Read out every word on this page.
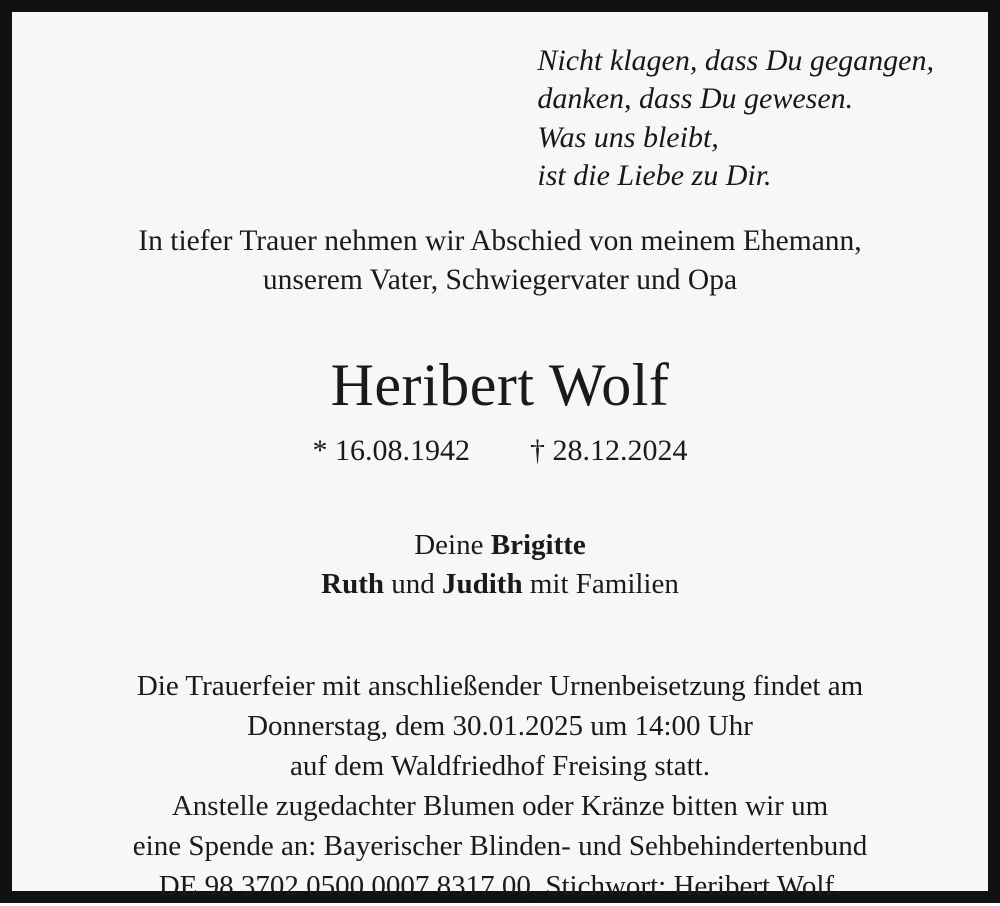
Nicht klagen, dass Du gegangen,
danken, dass Du gewesen.
Was uns bleibt,
ist die Liebe zu Dir.
In tiefer Trauer nehmen wir Abschied von meinem Ehemann,
unserem Vater, Schwiegervater und Opa
Heribert Wolf
* 16.08.1942 † 28.12.2024
Deine Brigitte
Ruth und Judith mit Familien
Die Trauerfeier mit anschließender Urnenbeisetzung findet am
Donnerstag, dem 30.01.2025 um 14:00 Uhr
auf dem Waldfriedhof Freising statt.
Anstelle zugedachter Blumen oder Kränze bitten wir um
eine Spende an: Bayerischer Blinden- und Sehbehindertenbund
DE 98 3702 0500 0007 8317 00, Stichwort: Heribert Wolf.
